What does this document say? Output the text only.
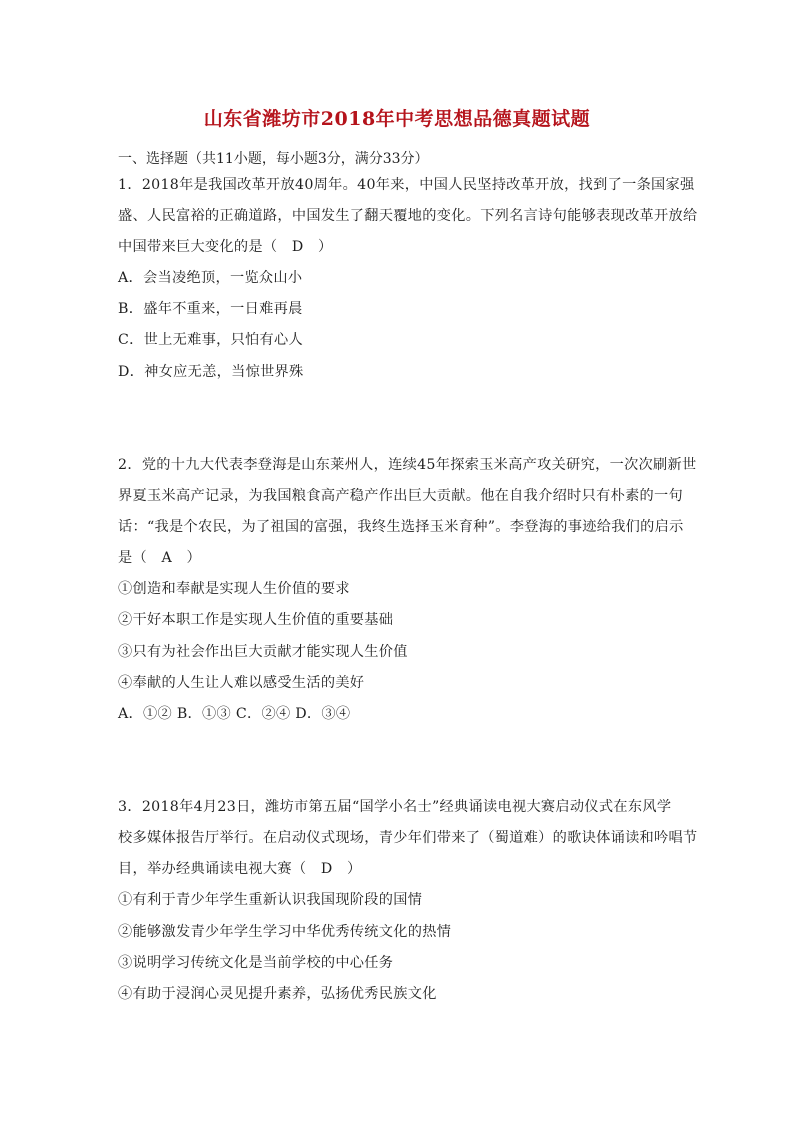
山东省潍坊市2018年中考思想品德真题试题
一、选择题（共11小题，每小题3分，满分33分）
1．2018年是我国改革开放40周年。40年来，中国人民坚持改革开放，找到了一条国家强
盛、人民富裕的正确道路，中国发生了翻天覆地的变化。下列名言诗句能够表现改革开放给
中国带来巨大变化的是（　D　）
A．会当凌绝顶，一览众山小
B．盛年不重来，一日难再晨
C．世上无难事，只怕有心人
D．神女应无恙，当惊世界殊
2．党的十九大代表李登海是山东莱州人，连续45年探索玉米高产攻关研究，一次次刷新世
界夏玉米高产记录，为我国粮食高产稳产作出巨大贡献。他在自我介绍时只有朴素的一句
话：“我是个农民，为了祖国的富强，我终生选择玉米育种”。李登海的事迹给我们的启示
是（　A　）
①创造和奉献是实现人生价值的要求
②干好本职工作是实现人生价值的重要基础
③只有为社会作出巨大贡献才能实现人生价值
④奉献的人生让人难以感受生活的美好
A．①② B．①③ C．②④ D．③④
3．2018年4月23日，潍坊市第五届“国学小名士”经典诵读电视大赛启动仪式在东风学
校多媒体报告厅举行。在启动仪式现场，青少年们带来了（蜀道难）的歌诀体诵读和吟唱节
目，举办经典诵读电视大赛（　D　）
①有利于青少年学生重新认识我国现阶段的国情
②能够激发青少年学生学习中华优秀传统文化的热情
③说明学习传统文化是当前学校的中心任务
④有助于浸润心灵见提升素养，弘扬优秀民族文化
